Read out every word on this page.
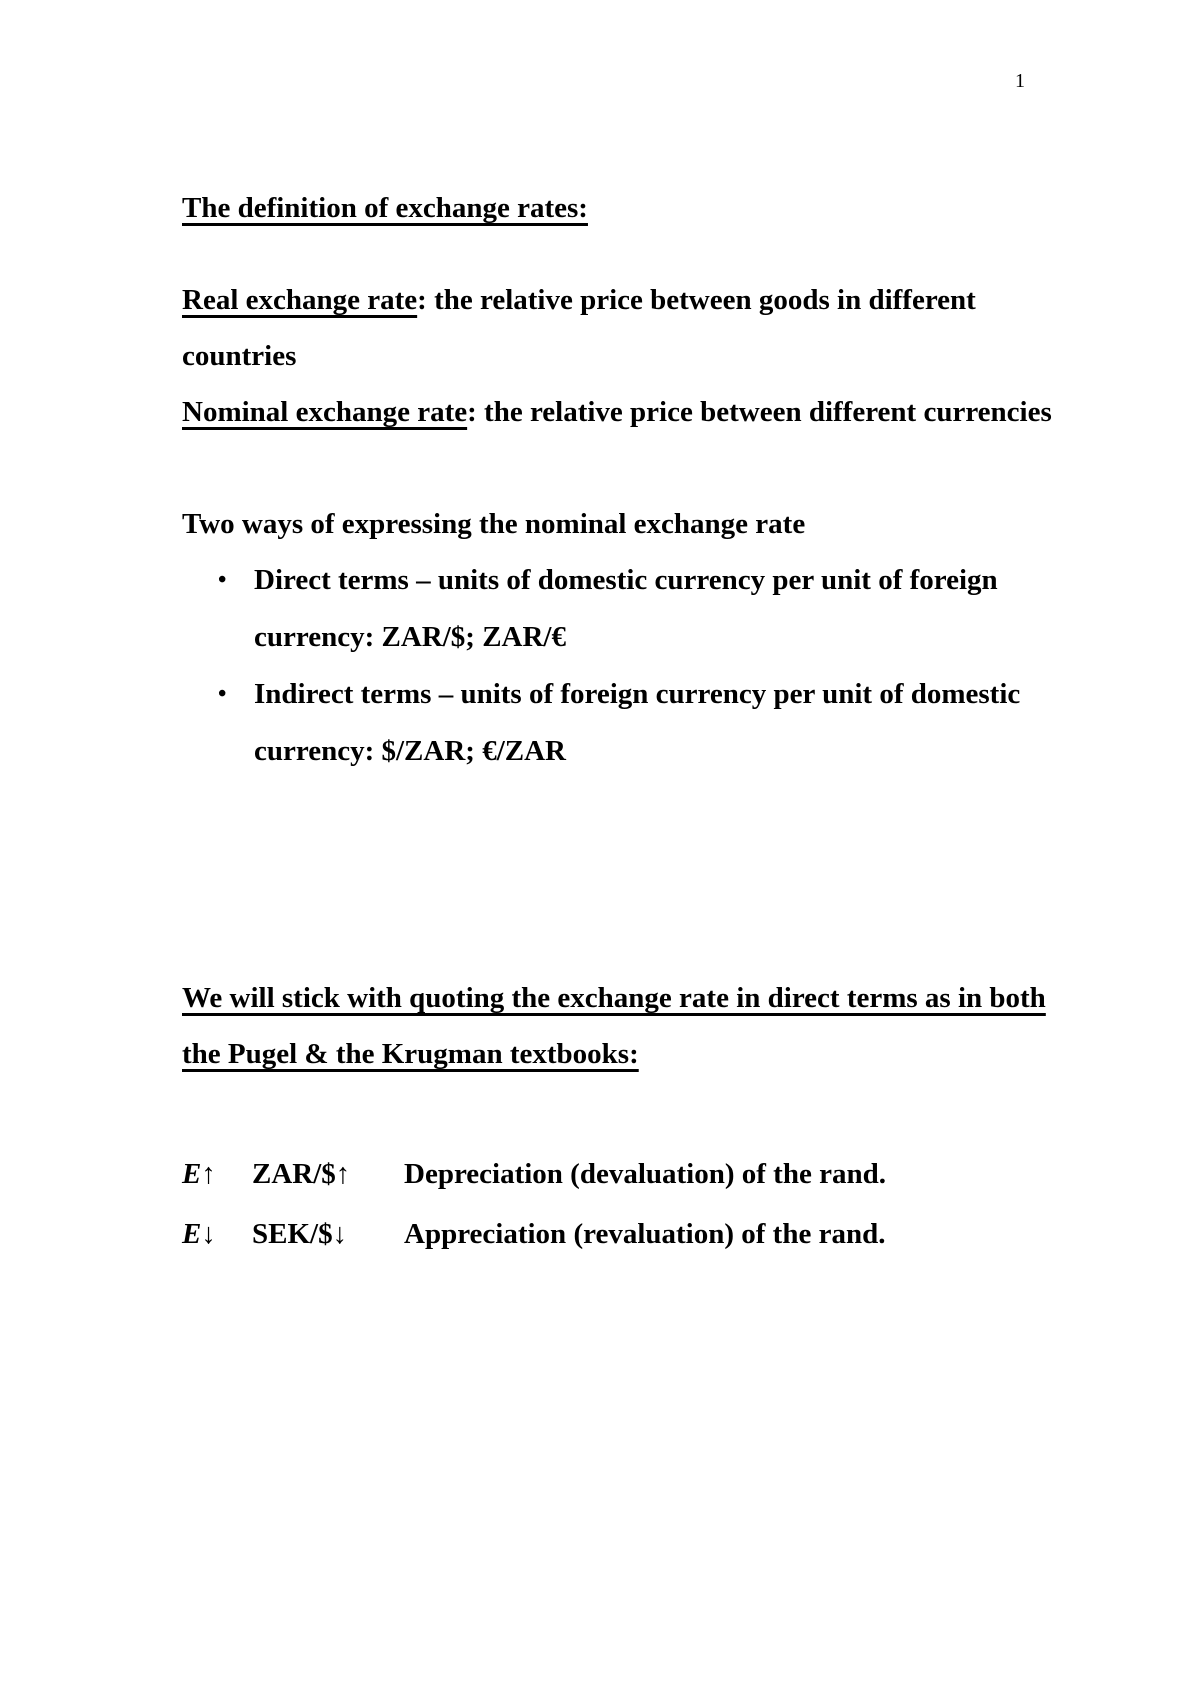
1

The definition of exchange rates:

Real exchange rate: the relative price between goods in different countries

Nominal exchange rate: the relative price between different currencies

Two ways of expressing the nominal exchange rate

• Direct terms – units of domestic currency per unit of foreign currency: ZAR/$; ZAR/€
• Indirect terms – units of foreign currency per unit of domestic currency: $/ZAR; €/ZAR

We will stick with quoting the exchange rate in direct terms as in both the Pugel & the Krugman textbooks:

E↑	ZAR/$↑	Depreciation (devaluation) of the rand.
E↓	SEK/$↓	Appreciation (revaluation) of the rand.
